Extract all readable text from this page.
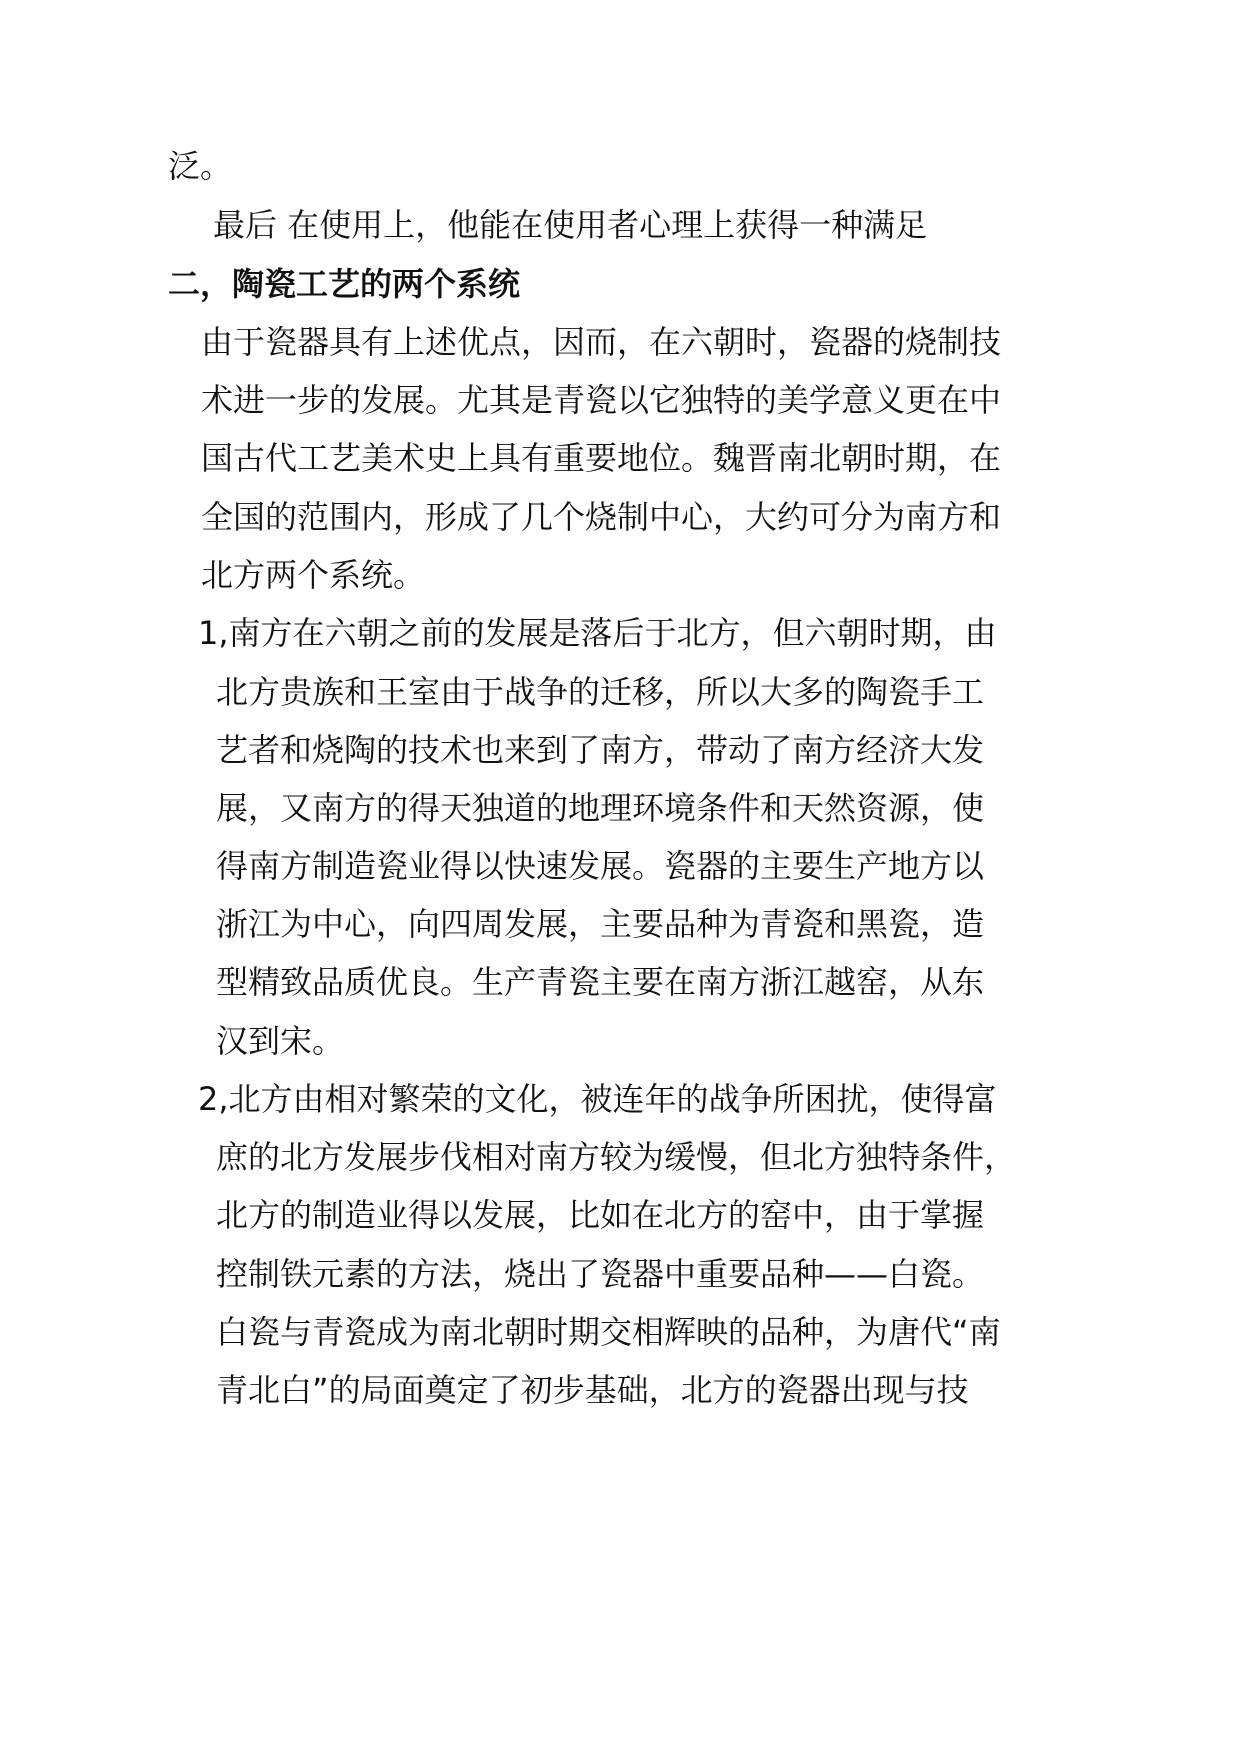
泛。
最后 在使用上，他能在使用者心理上获得一种满足
二，陶瓷工艺的两个系统
由于瓷器具有上述优点，因而，在六朝时，瓷器的烧制技
术进一步的发展。尤其是青瓷以它独特的美学意义更在中
国古代工艺美术史上具有重要地位。魏晋南北朝时期，在
全国的范围内，形成了几个烧制中心，大约可分为南方和
北方两个系统。
1,南方在六朝之前的发展是落后于北方，但六朝时期，由
北方贵族和王室由于战争的迁移，所以大多的陶瓷手工
艺者和烧陶的技术也来到了南方，带动了南方经济大发
展，又南方的得天独道的地理环境条件和天然资源，使
得南方制造瓷业得以快速发展。瓷器的主要生产地方以
浙江为中心，向四周发展，主要品种为青瓷和黑瓷，造
型精致品质优良。生产青瓷主要在南方浙江越窑，从东
汉到宋。
2,北方由相对繁荣的文化，被连年的战争所困扰，使得富
庶的北方发展步伐相对南方较为缓慢，但北方独特条件，
北方的制造业得以发展，比如在北方的窑中，由于掌握
控制铁元素的方法，烧出了瓷器中重要品种——白瓷。
白瓷与青瓷成为南北朝时期交相辉映的品种，为唐代“南
青北白”的局面奠定了初步基础，北方的瓷器出现与技
